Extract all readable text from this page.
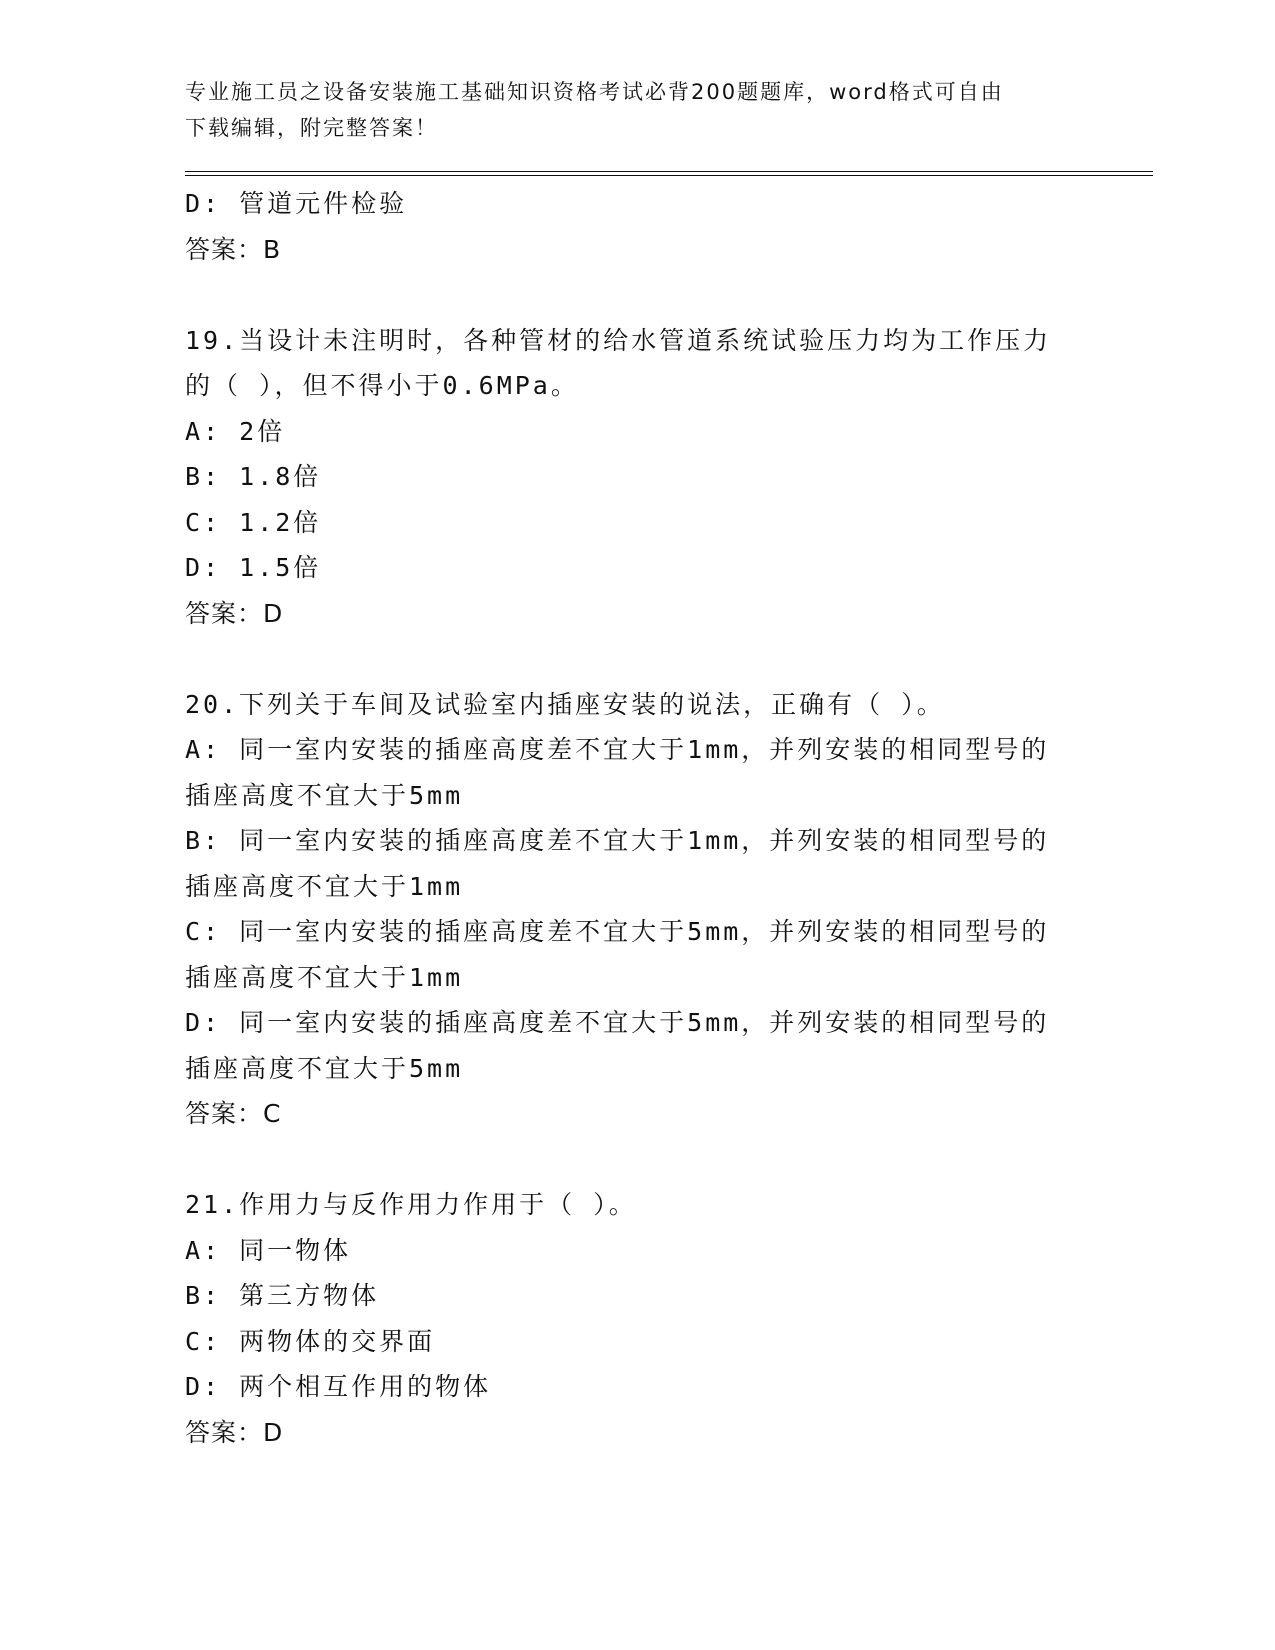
专业施工员之设备安装施工基础知识资格考试必背200题题库，word格式可自由
下载编辑，附完整答案！
D: 管道元件检验
答案：B
19.当设计未注明时，各种管材的给水管道系统试验压力均为工作压力
的（ ），但不得小于0.6MPa。
A: 2倍
B: 1.8倍
C: 1.2倍
D: 1.5倍
答案：D
20.下列关于车间及试验室内插座安装的说法，正确有（ ）。
A: 同一室内安装的插座高度差不宜大于1mm，并列安装的相同型号的
插座高度不宜大于5mm
B: 同一室内安装的插座高度差不宜大于1mm，并列安装的相同型号的
插座高度不宜大于1mm
C: 同一室内安装的插座高度差不宜大于5mm，并列安装的相同型号的
插座高度不宜大于1mm
D: 同一室内安装的插座高度差不宜大于5mm，并列安装的相同型号的
插座高度不宜大于5mm
答案：C
21.作用力与反作用力作用于（ ）。
A: 同一物体
B: 第三方物体
C: 两物体的交界面
D: 两个相互作用的物体
答案：D
